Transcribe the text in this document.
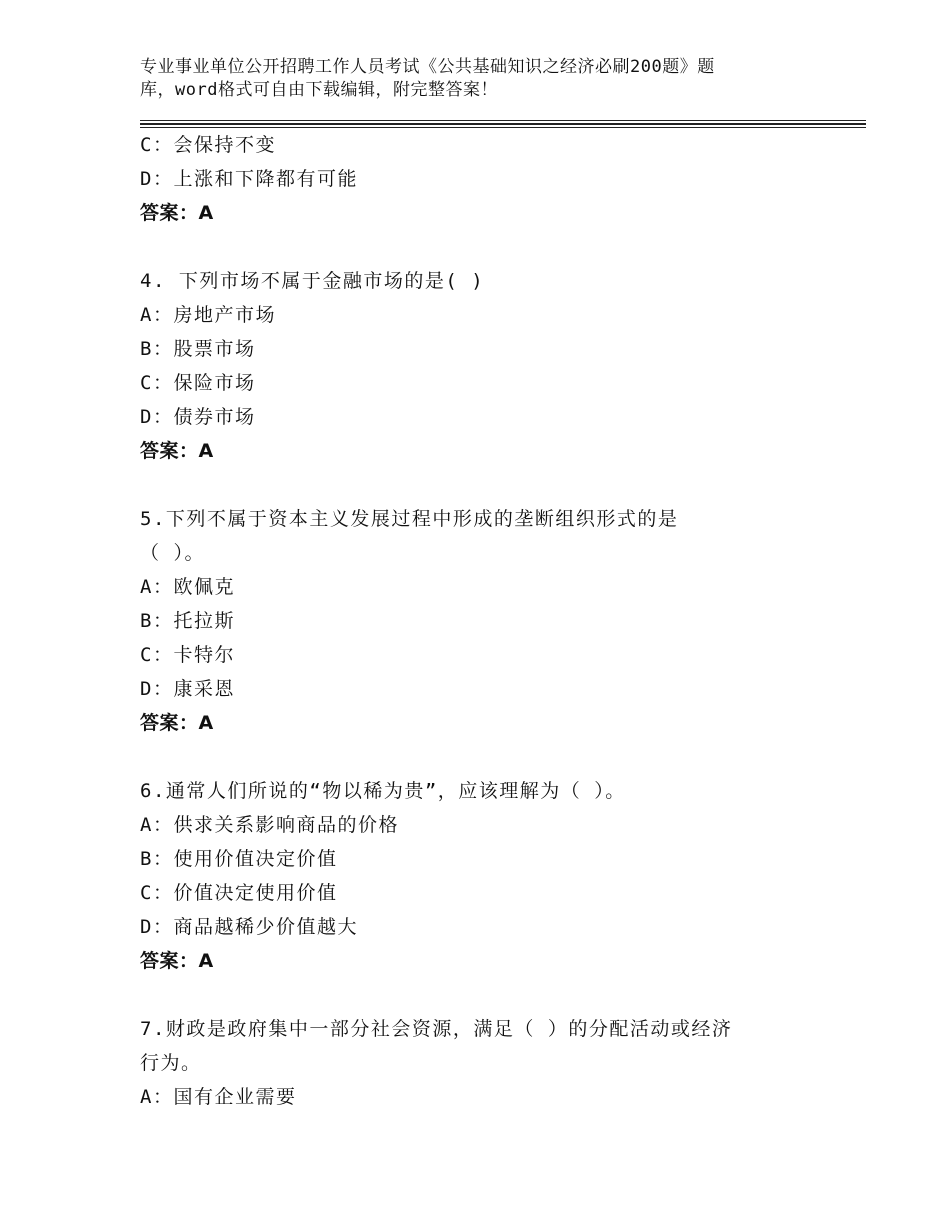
专业事业单位公开招聘工作人员考试《公共基础知识之经济必刷200题》题
库，word格式可自由下载编辑，附完整答案！
C：会保持不变
D：上涨和下降都有可能
答案：A
4. 下列市场不属于金融市场的是( )
A：房地产市场
B：股票市场
C：保险市场
D：债券市场
答案：A
5.下列不属于资本主义发展过程中形成的垄断组织形式的是
（ ）。
A：欧佩克
B：托拉斯
C：卡特尔
D：康采恩
答案：A
6.通常人们所说的“物以稀为贵”，应该理解为（ ）。
A：供求关系影响商品的价格
B：使用价值决定价值
C：价值决定使用价值
D：商品越稀少价值越大
答案：A
7.财政是政府集中一部分社会资源，满足（ ）的分配活动或经济
行为。
A：国有企业需要
